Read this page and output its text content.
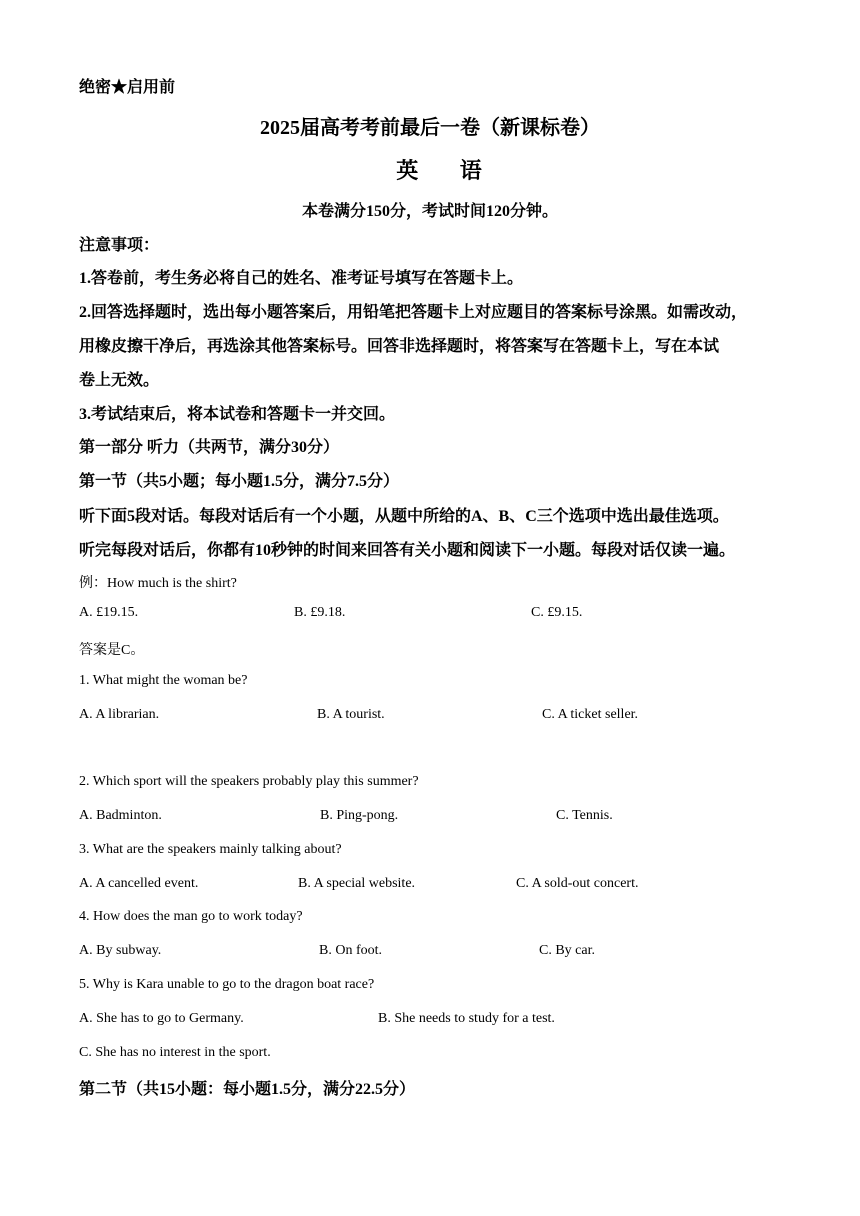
绝密★启用前
2025届高考考前最后一卷（新课标卷）
英 语
本卷满分150分，考试时间120分钟。
注意事项：
1.答卷前，考生务必将自己的姓名、准考证号填写在答题卡上。
2.回答选择题时，选出每小题答案后，用铅笔把答题卡上对应题目的答案标号涂黑。如需改动，
用橡皮擦干净后，再选涂其他答案标号。回答非选择题时，将答案写在答题卡上，写在本试
卷上无效。
3.考试结束后，将本试卷和答题卡一并交回。
第一部分 听力（共两节，满分30分）
第一节（共5小题；每小题1.5分，满分7.5分）
听下面5段对话。每段对话后有一个小题，从题中所给的A、B、C三个选项中选出最佳选项。
听完每段对话后，你都有10秒钟的时间来回答有关小题和阅读下一小题。每段对话仅读一遍。
例：How much is the shirt?
A. £19.15.	B. £9.18.	C. £9.15.
答案是C。
1. What might the woman be?
A. A librarian.	B. A tourist.	C. A ticket seller.
2. Which sport will the speakers probably play this summer?
A. Badminton.	B. Ping-pong.	C. Tennis.
3. What are the speakers mainly talking about?
A. A cancelled event.	B. A special website.	C. A sold-out concert.
4. How does the man go to work today?
A. By subway.	B. On foot.	C. By car.
5. Why is Kara unable to go to the dragon boat race?
A. She has to go to Germany.	B. She needs to study for a test.
C. She has no interest in the sport.
第二节（共15小题：每小题1.5分，满分22.5分）
